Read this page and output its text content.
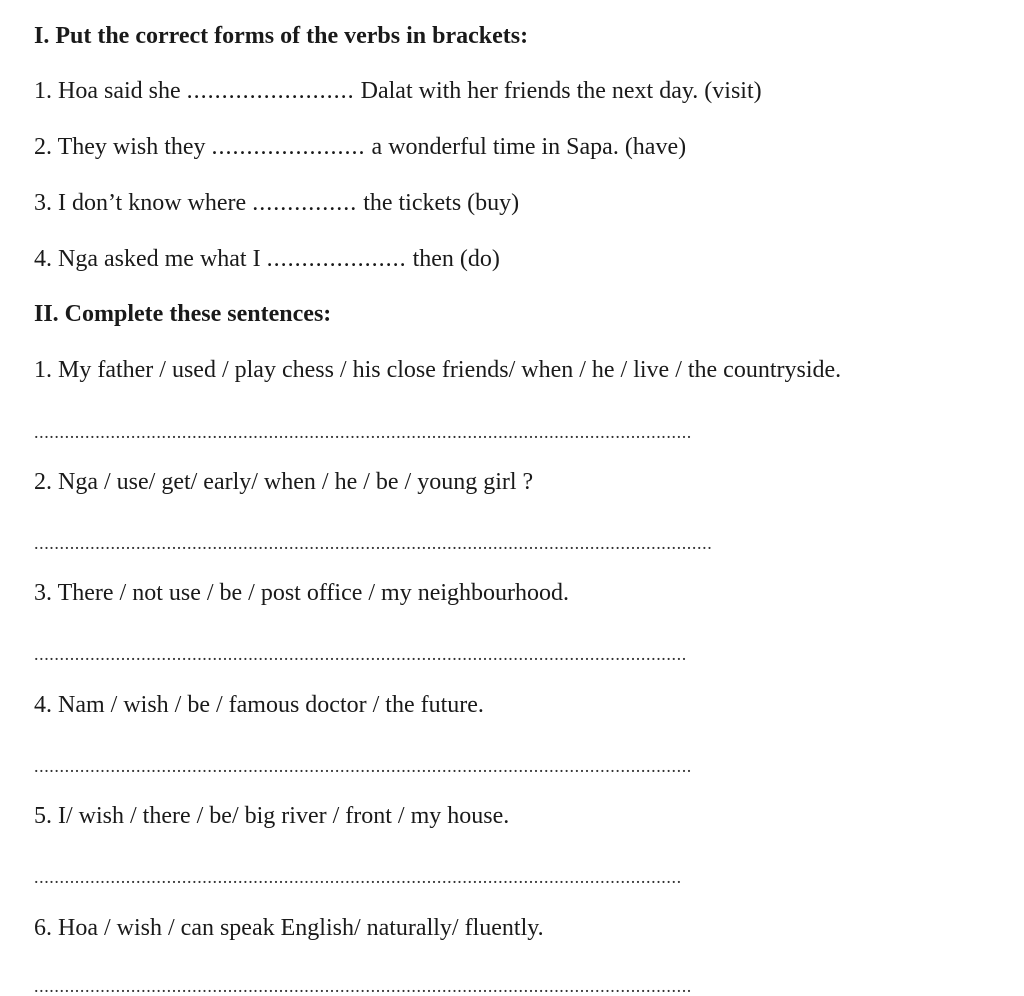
I. Put the correct forms of the verbs in brackets:
1. Hoa said she ........................ Dalat with her friends the next day. (visit)
2. They wish they ...................... a wonderful time in Sapa. (have)
3. I don’t know where ............... the tickets (buy)
4. Nga asked me what I .................... then (do)
II. Complete these sentences:
1. My father / used / play chess / his close friends/ when / he / live / the countryside.
.................................................................................................................................
2. Nga / use/ get/ early/ when / he / be / young girl ?
.....................................................................................................................................
3. There / not use / be / post office / my neighbourhood.
................................................................................................................................
4. Nam / wish / be / famous doctor / the future.
.................................................................................................................................
5. I/ wish / there / be/ big river / front / my house.
...............................................................................................................................
6. Hoa / wish / can speak English/ naturally/ fluently.
.................................................................................................................................
